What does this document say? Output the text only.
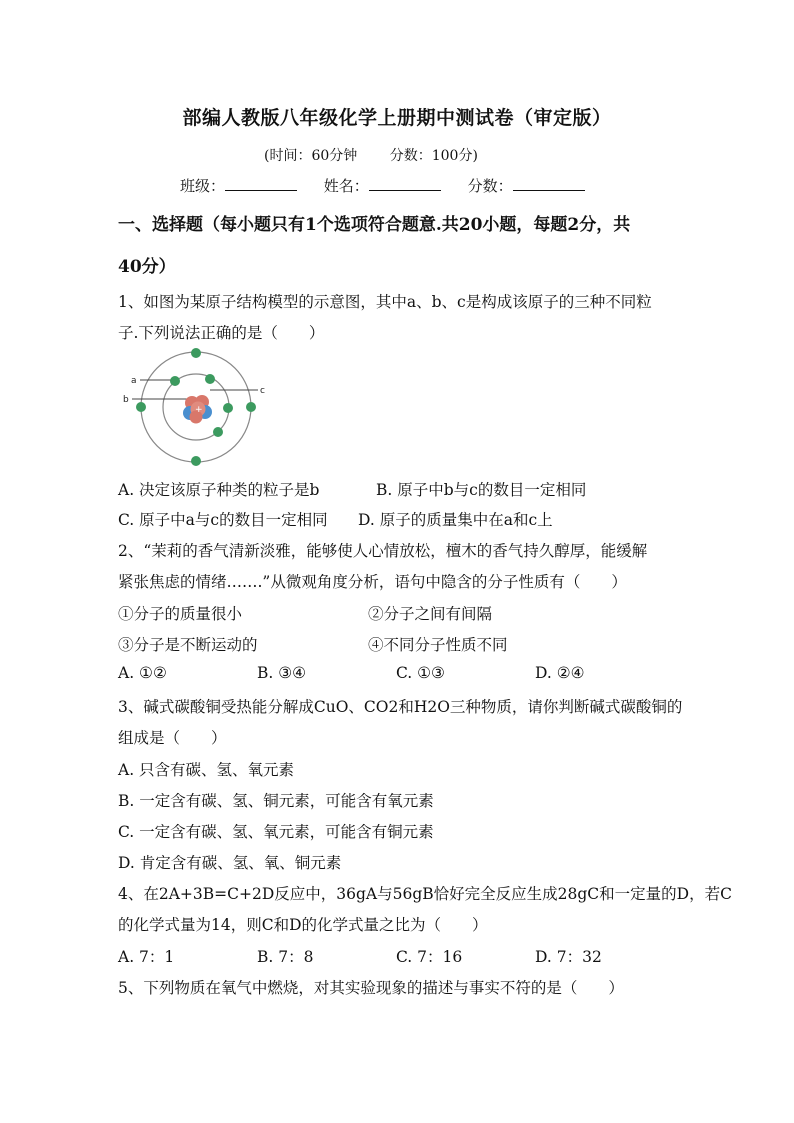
部编人教版八年级化学上册期中测试卷（审定版）
(时间：60分钟 分数：100分)
班级：	姓名：	分数：
一、选择题（每小题只有1个选项符合题意.共20小题，每题2分，共
40分）
1、如图为某原子结构模型的示意图，其中a、b、c是构成该原子的三种不同粒
子.下列说法正确的是（　　）
a
b
c
+
A. 决定该原子种类的粒子是b	B. 原子中b与c的数目一定相同
C. 原子中a与c的数目一定相同 D. 原子的质量集中在a和c上
2、“茉莉的香气清新淡雅，能够使人心情放松，檀木的香气持久醇厚，能缓解
紧张焦虑的情绪…….”从微观角度分析，语句中隐含的分子性质有（　　）
①分子的质量很小	②分子之间有间隔
③分子是不断运动的	④不同分子性质不同
A. ①②	B. ③④	C. ①③	D. ②④
3、碱式碳酸铜受热能分解成CuO、CO2和H2O三种物质，请你判断碱式碳酸铜的
组成是（　　）
A. 只含有碳、氢、氧元素
B. 一定含有碳、氢、铜元素，可能含有氧元素
C. 一定含有碳、氢、氧元素，可能含有铜元素
D. 肯定含有碳、氢、氧、铜元素
4、在2A+3B=C+2D反应中，36gA与56gB恰好完全反应生成28gC和一定量的D，若C
的化学式量为14，则C和D的化学式量之比为（　　）
A. 7：1	B. 7：8	C. 7：16	D. 7：32
5、下列物质在氧气中燃烧，对其实验现象的描述与事实不符的是（　　）
